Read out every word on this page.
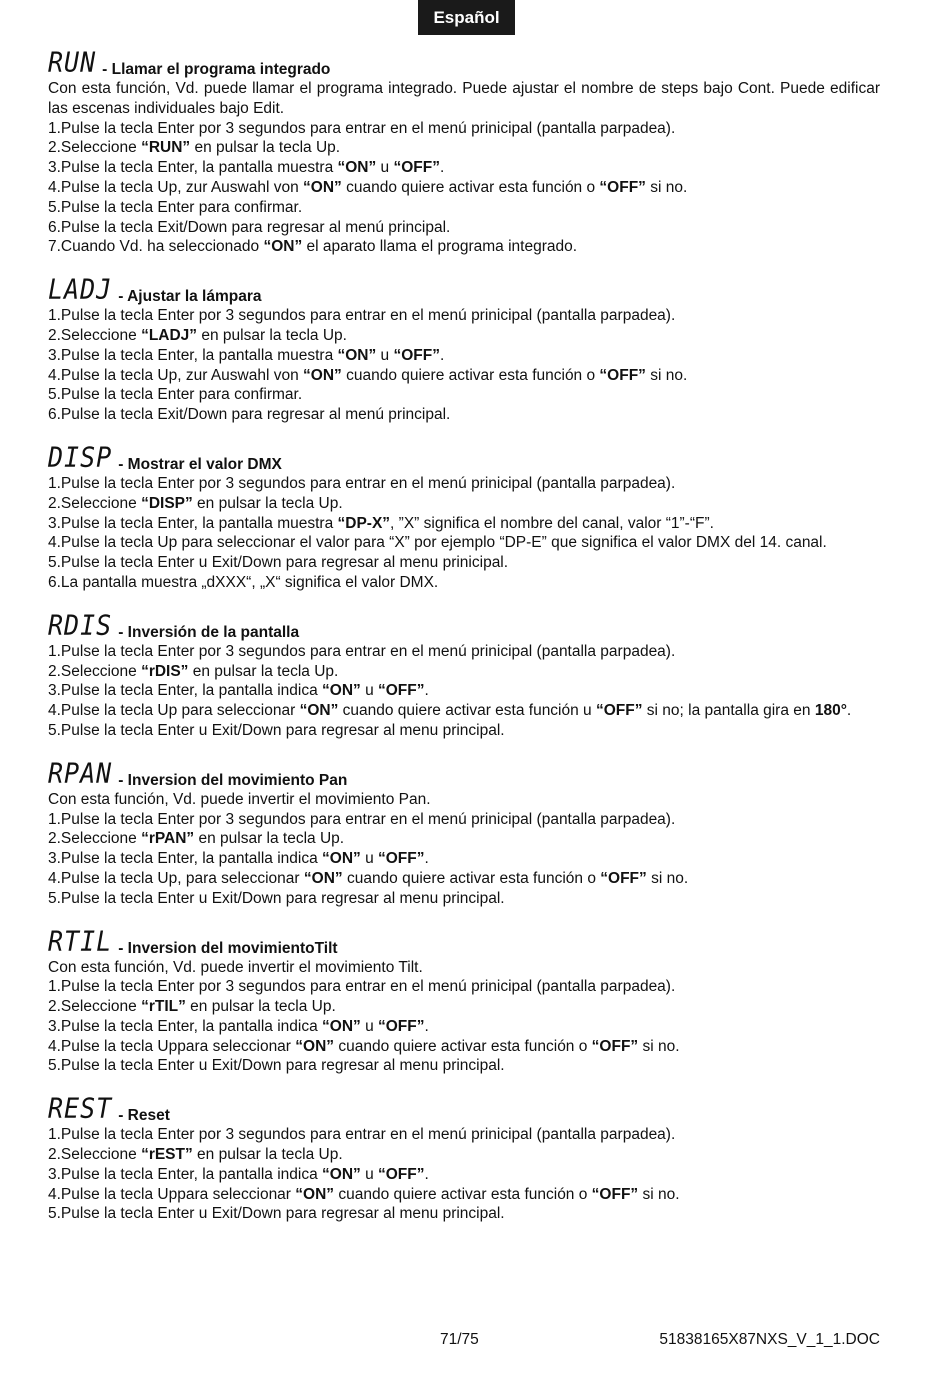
Español
RUN - Llamar el programa integrado

Con esta función, Vd. puede llamar el programa integrado. Puede ajustar el nombre de steps bajo Cont. Puede edificar las escenas individuales bajo Edit.

1.Pulse la tecla Enter por 3 segundos para entrar en el menú prinicipal (pantalla parpadea).

2.Seleccione “RUN” en pulsar la tecla Up.

3.Pulse la tecla Enter, la pantalla muestra “ON” u “OFF”.

4.Pulse la tecla Up, zur Auswahl von “ON” cuando quiere activar esta función o “OFF” si no.

5.Pulse la tecla Enter para confirmar.

6.Pulse la tecla Exit/Down para regresar al menú principal.

7.Cuando Vd. ha seleccionado “ON” el aparato llama el programa integrado.

LADJ - Ajustar la lámpara

1.Pulse la tecla Enter por 3 segundos para entrar en el menú prinicipal (pantalla parpadea).

2.Seleccione “LADJ” en pulsar la tecla Up.

3.Pulse la tecla Enter, la pantalla muestra “ON” u “OFF”.

4.Pulse la tecla Up, zur Auswahl von “ON” cuando quiere activar esta función o “OFF” si no.

5.Pulse la tecla Enter para confirmar.

6.Pulse la tecla Exit/Down para regresar al menú principal.

DISP - Mostrar el valor DMX

1.Pulse la tecla Enter por 3 segundos para entrar en el menú prinicipal (pantalla parpadea).

2.Seleccione “DISP” en pulsar la tecla Up.

3.Pulse la tecla Enter, la pantalla muestra “DP-X”, ”X” significa el nombre del canal, valor “1”-“F”.

4.Pulse la tecla Up para seleccionar el valor para “X” por ejemplo “DP-E” que significa el valor DMX del 14. canal.

5.Pulse la tecla Enter u Exit/Down para regresar al menu prinicipal.

6.La pantalla muestra „dXXX“, „X“ significa el valor DMX.

RDIS - Inversión de la pantalla

1.Pulse la tecla Enter por 3 segundos para entrar en el menú prinicipal (pantalla parpadea).

2.Seleccione “rDIS” en pulsar la tecla Up.

3.Pulse la tecla Enter, la pantalla indica “ON” u “OFF”.

4.Pulse la tecla Up para seleccionar “ON” cuando quiere activar esta función u “OFF” si no; la pantalla gira en 180°.

5.Pulse la tecla Enter u Exit/Down para regresar al menu principal.

RPAN - Inversion del movimiento Pan

Con esta función, Vd. puede invertir el movimiento Pan.

1.Pulse la tecla Enter por 3 segundos para entrar en el menú prinicipal (pantalla parpadea).

2.Seleccione “rPAN” en pulsar la tecla Up.

3.Pulse la tecla Enter, la pantalla indica “ON” u “OFF”.

4.Pulse la tecla Up, para seleccionar “ON” cuando quiere activar esta función o “OFF” si no.

5.Pulse la tecla Enter u Exit/Down para regresar al menu principal.

RTIL - Inversion del movimientoTilt

Con esta función, Vd. puede invertir el movimiento Tilt.

1.Pulse la tecla Enter por 3 segundos para entrar en el menú prinicipal (pantalla parpadea).

2.Seleccione “rTIL” en pulsar la tecla Up.

3.Pulse la tecla Enter, la pantalla indica “ON” u “OFF”.

4.Pulse la tecla Uppara seleccionar “ON” cuando quiere activar esta función o “OFF” si no.

5.Pulse la tecla Enter u Exit/Down para regresar al menu principal.

REST - Reset

1.Pulse la tecla Enter por 3 segundos para entrar en el menú prinicipal (pantalla parpadea).

2.Seleccione “rEST” en pulsar la tecla Up.

3.Pulse la tecla Enter, la pantalla indica “ON” u “OFF”.

4.Pulse la tecla Uppara seleccionar “ON” cuando quiere activar esta función o “OFF” si no.

5.Pulse la tecla Enter u Exit/Down para regresar al menu principal.

71/75	51838165X87NXS_V_1_1.DOC
